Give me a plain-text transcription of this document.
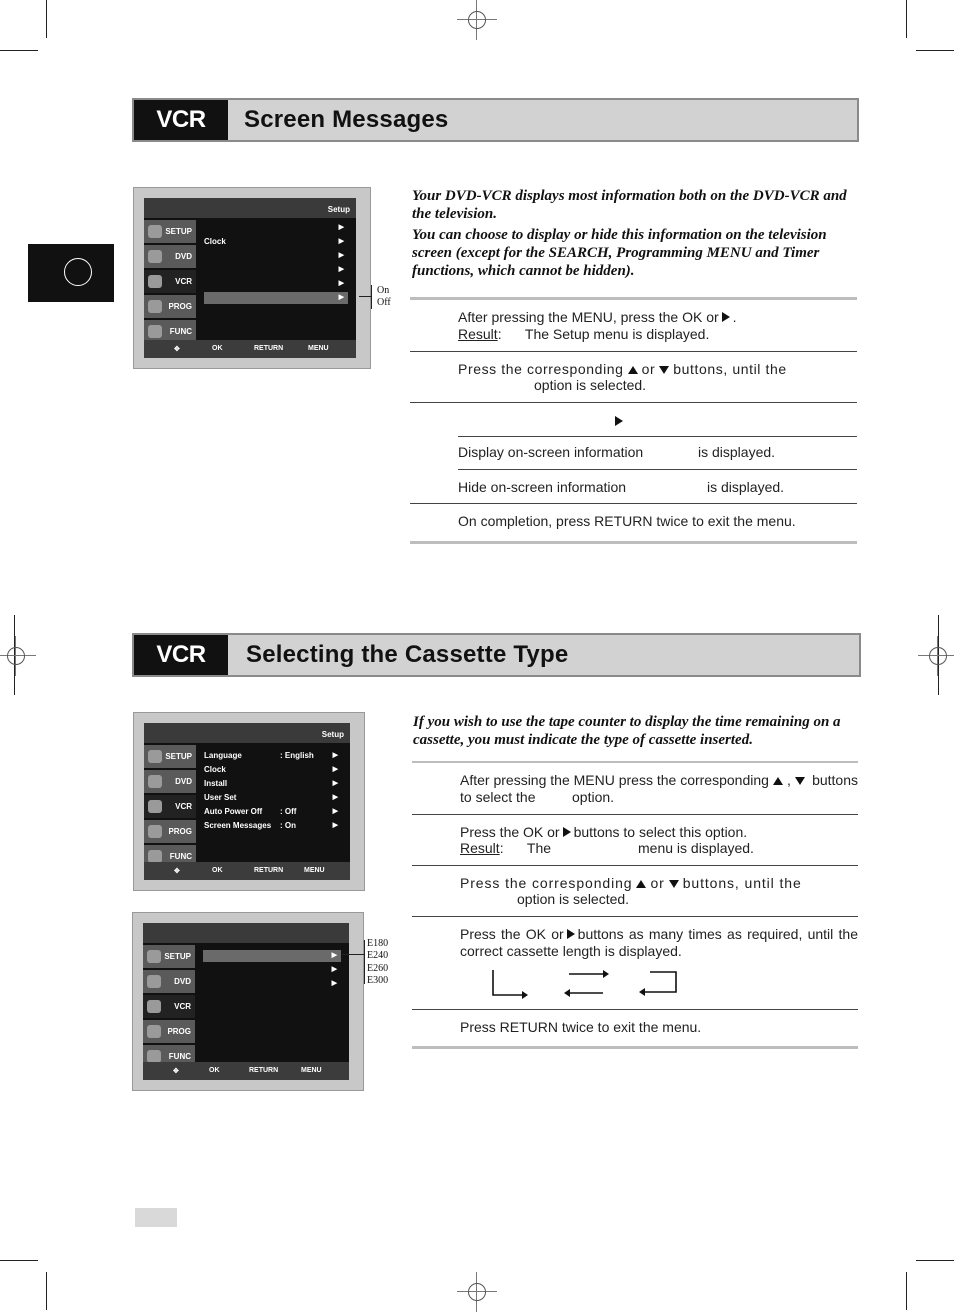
VCR	Screen Messages
Setup
SETUP
DVD
VCR
PROG
FUNC
▶
Clock	▶
▶
▶
▶
▶
✥	OK	RETURN	MENU
On
Off
Your DVD-VCR displays most information both on the DVD-VCR and the television.
You can choose to display or hide this information on the television screen (except for the SEARCH, Programming MENU and Timer functions, which cannot be hidden).
After pressing the MENU, press the OK or .
Result:      The Setup menu is displayed.
Press the corresponding or buttons, until the
option is selected.
Display on-screen information	is displayed.
Hide on-screen information	is displayed.
On completion, press RETURN twice to exit the menu.
VCR	Selecting the Cassette Type
Setup
SETUP
DVD
VCR
PROG
FUNC
Language	: English	▶
Clock	▶
Install	▶
User Set	▶
Auto Power Off : Off	▶
Screen Messages : On	▶
✥	OK	RETURN	MENU
SETUP
DVD
VCR
PROG
FUNC
▶
▶
▶
✥	OK	RETURN	MENU
E180
E240
E260
E300
If you wish to use the tape counter to display the time remaining on a cassette, you must indicate the type of cassette inserted.
After pressing the MENU press the corresponding , buttons
to select the	option.
Press the OK or buttons to select this option.
Result:      The	menu is displayed.
Press the corresponding or buttons, until the
option is selected.
Press the OK or buttons as many times as required, until the correct cassette length is displayed.
Press RETURN twice to exit the menu.
